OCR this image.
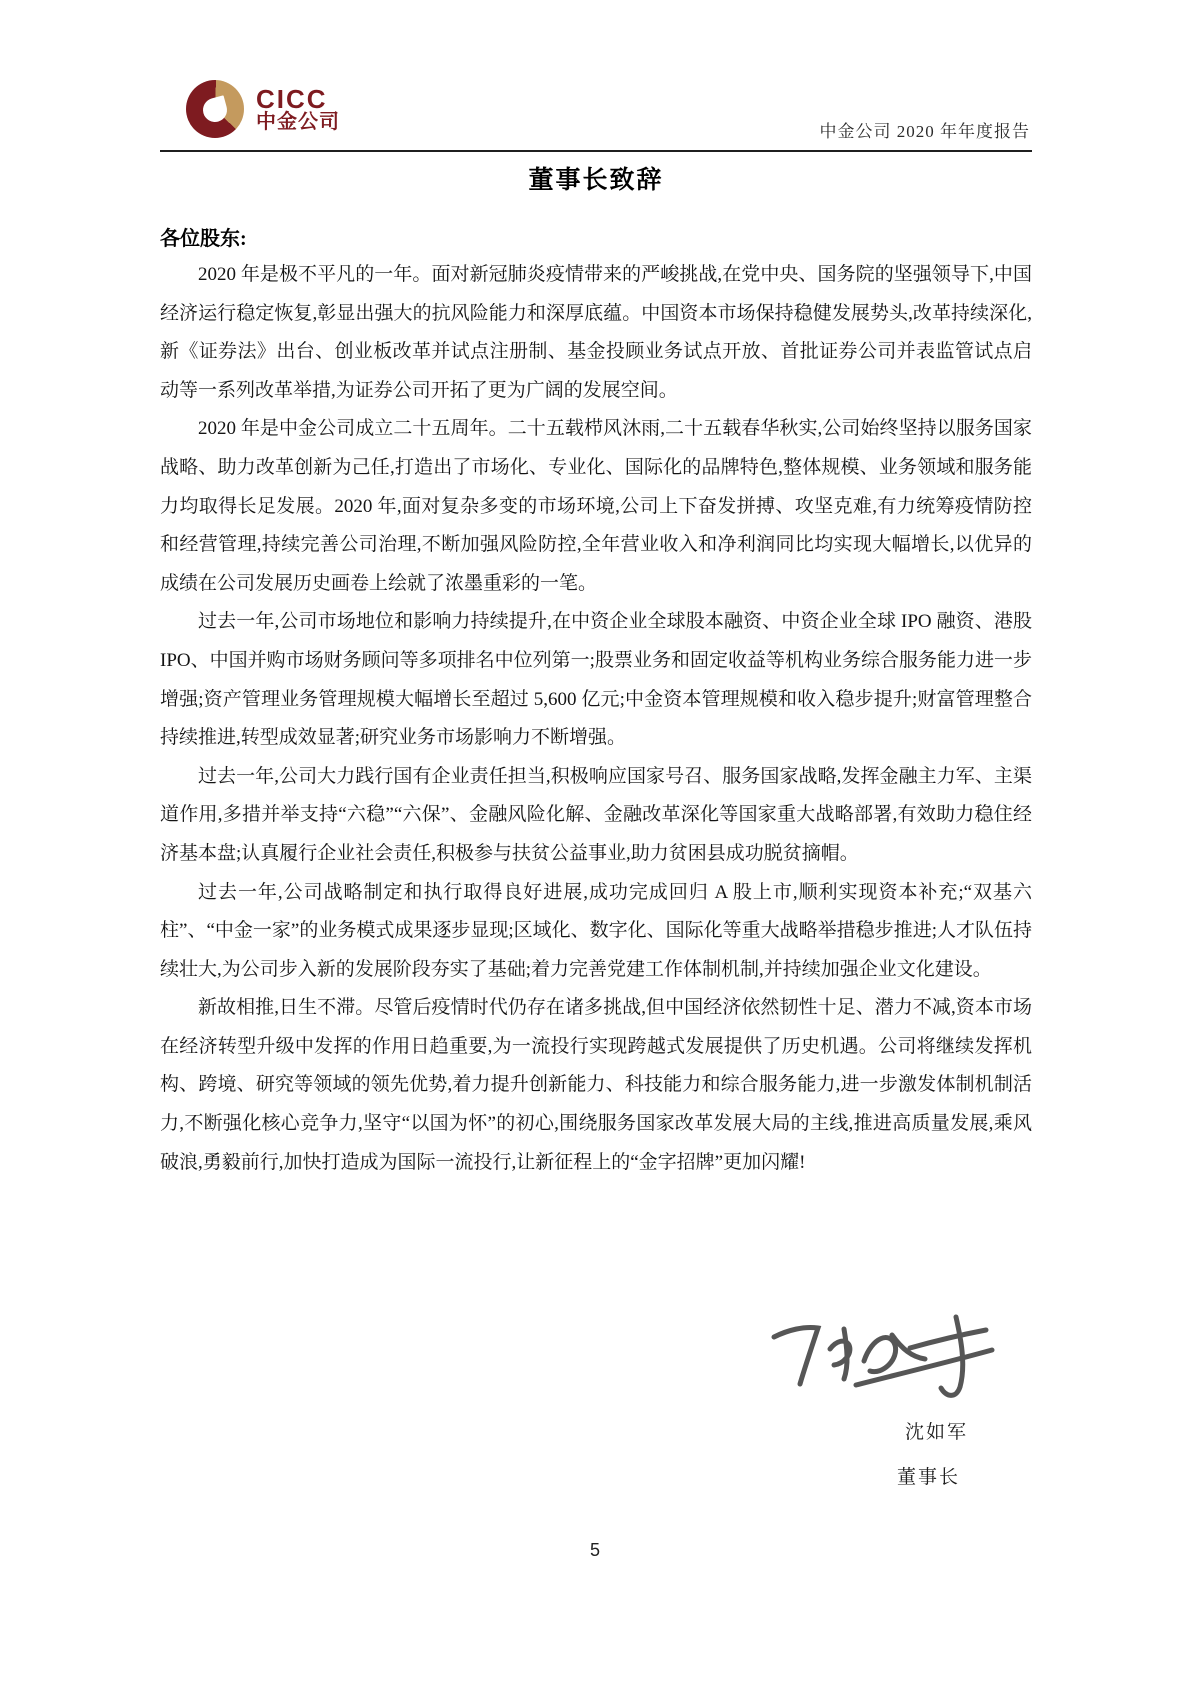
CICC
中金公司	中金公司 2020 年年度报告
董事长致辞
各位股东:

2020 年是极不平凡的一年。面对新冠肺炎疫情带来的严峻挑战,在党中央、国务院的坚强领导下,中国经济运行稳定恢复,彰显出强大的抗风险能力和深厚底蕴。中国资本市场保持稳健发展势头,改革持续深化,新《证券法》出台、创业板改革并试点注册制、基金投顾业务试点开放、首批证券公司并表监管试点启动等一系列改革举措,为证券公司开拓了更为广阔的发展空间。

2020 年是中金公司成立二十五周年。二十五载栉风沐雨,二十五载春华秋实,公司始终坚持以服务国家战略、助力改革创新为己任,打造出了市场化、专业化、国际化的品牌特色,整体规模、业务领域和服务能力均取得长足发展。2020 年,面对复杂多变的市场环境,公司上下奋发拼搏、攻坚克难,有力统筹疫情防控和经营管理,持续完善公司治理,不断加强风险防控,全年营业收入和净利润同比均实现大幅增长,以优异的成绩在公司发展历史画卷上绘就了浓墨重彩的一笔。

过去一年,公司市场地位和影响力持续提升,在中资企业全球股本融资、中资企业全球 IPO 融资、港股 IPO、中国并购市场财务顾问等多项排名中位列第一;股票业务和固定收益等机构业务综合服务能力进一步增强;资产管理业务管理规模大幅增长至超过 5,600 亿元;中金资本管理规模和收入稳步提升;财富管理整合持续推进,转型成效显著;研究业务市场影响力不断增强。

过去一年,公司大力践行国有企业责任担当,积极响应国家号召、服务国家战略,发挥金融主力军、主渠道作用,多措并举支持“六稳”“六保”、金融风险化解、金融改革深化等国家重大战略部署,有效助力稳住经济基本盘;认真履行企业社会责任,积极参与扶贫公益事业,助力贫困县成功脱贫摘帽。

过去一年,公司战略制定和执行取得良好进展,成功完成回归 A 股上市,顺利实现资本补充;“双基六柱”、“中金一家”的业务模式成果逐步显现;区域化、数字化、国际化等重大战略举措稳步推进;人才队伍持续壮大,为公司步入新的发展阶段夯实了基础;着力完善党建工作体制机制,并持续加强企业文化建设。

新故相推,日生不滞。尽管后疫情时代仍存在诸多挑战,但中国经济依然韧性十足、潜力不减,资本市场在经济转型升级中发挥的作用日趋重要,为一流投行实现跨越式发展提供了历史机遇。公司将继续发挥机构、跨境、研究等领域的领先优势,着力提升创新能力、科技能力和综合服务能力,进一步激发体制机制活力,不断强化核心竞争力,坚守“以国为怀”的初心,围绕服务国家改革发展大局的主线,推进高质量发展,乘风破浪,勇毅前行,加快打造成为国际一流投行,让新征程上的“金字招牌”更加闪耀!

沈如军
董事长
5
